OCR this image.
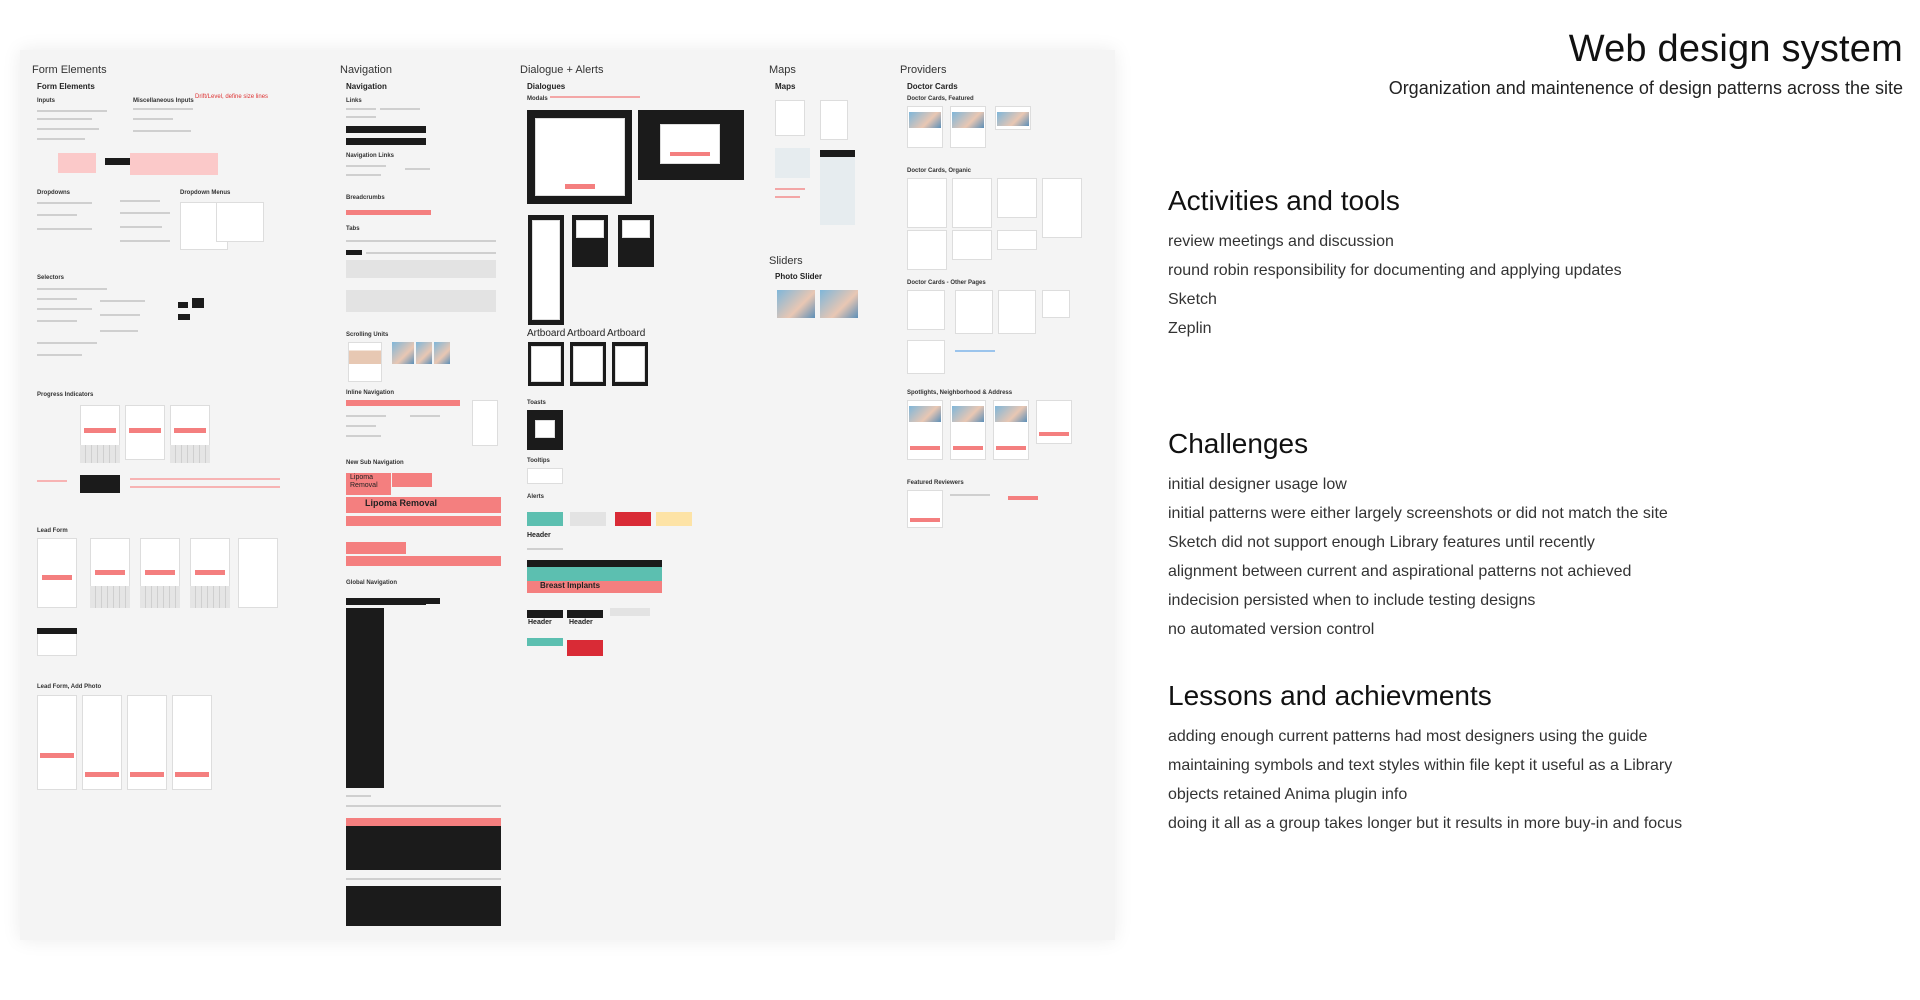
Form Elements	Navigation	Dialogue + Alerts	Maps	Providers
Form Elements
Inputs	Miscellaneous Inputs
Drift/Level, define size lines
Dropdowns	Dropdown Menus
Selectors
Progress Indicators
Lead Form
Lead Form, Add Photo
Navigation
Links
Navigation Links
Breadcrumbs
Tabs
Scrolling Units
Inline Navigation
New Sub Navigation
Lipoma Removal
Lipoma Removal
Global Navigation
Dialogues
Modals
Artboard Artboard Artboard
Toasts
Tooltips
Alerts
Header
Breast Implants
Header Header
Maps
Sliders
Photo Slider
Doctor Cards
Doctor Cards, Featured
Doctor Cards, Organic
Doctor Cards - Other Pages
Spotlights, Neighborhood & Address
Featured Reviewers
Web design system
Organization and maintenence of design patterns across the site
Activities and tools
review meetings and discussion
round robin responsibility for documenting and applying updates
Sketch
Zeplin
Challenges
initial designer usage low
initial patterns were either largely screenshots or did not match the site
Sketch did not support enough Library features until recently
alignment between current and aspirational patterns not achieved
indecision persisted when to include testing designs
no automated version control
Lessons and achievments
adding enough current patterns had most designers using the guide
maintaining symbols and text styles within file kept it useful as a Library
objects retained Anima plugin info
doing it all as a group takes longer but it results in more buy-in and focus
